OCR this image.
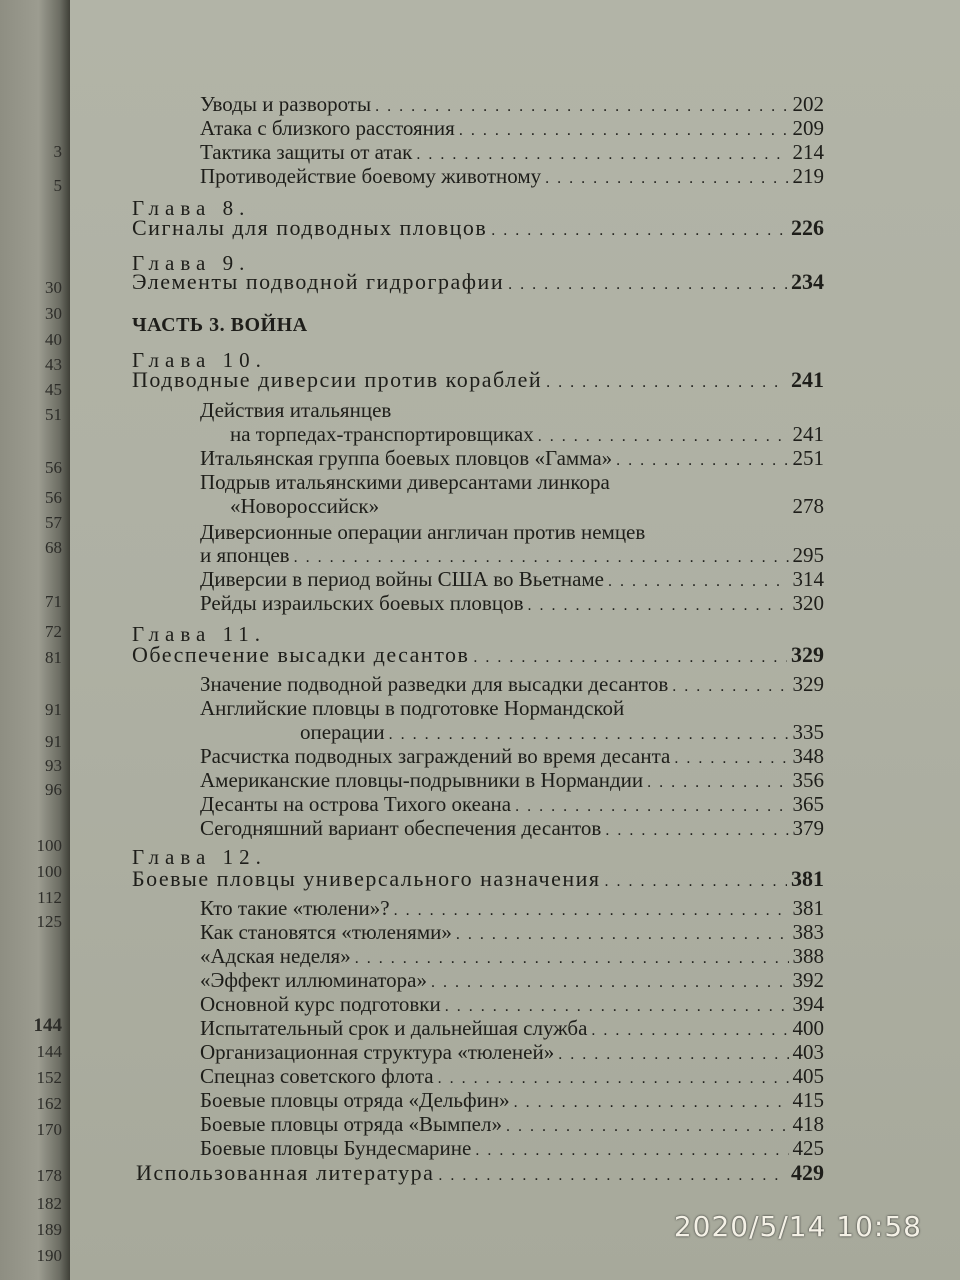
3
5
30
30
40
43
45
51
56
56
57
68
71
72
81
91
91
93
96
100
100
112
125
144
144
152
162
170
178
182
189
190
Уводы и развороты . . .	202
Атака с близкого расстояния . . .	209
Тактика защиты от атак . . .	214
Противодействие боевому животному . . .	219
Глава 8.
Сигналы для подводных пловцов . . .	226
Глава 9.
Элементы подводной гидрографии . . .	234
ЧАСТЬ 3. ВОЙНА
Глава 10.
Подводные диверсии против кораблей . . .	241
Действия итальянцев
на торпедах-транспортировщиках . . .	241
Итальянская группа боевых пловцов «Гамма» . . .	251
Подрыв итальянскими диверсантами линкора
«Новороссийск»	278
Диверсионные операции англичан против немцев
и японцев . . .	295
Диверсии в период войны США во Вьетнаме . . .	314
Рейды израильских боевых пловцов . . .	320
Глава 11.
Обеспечение высадки десантов . . .	329
Значение подводной разведки для высадки десантов . . .	329
Английские пловцы в подготовке Нормандской
операции . . .	335
Расчистка подводных заграждений во время десанта . . .	348
Американские пловцы-подрывники в Нормандии . . .	356
Десанты на острова Тихого океана . . .	365
Сегодняшний вариант обеспечения десантов . . .	379
Глава 12.
Боевые пловцы универсального назначения . . .	381
Кто такие «тюлени»? . . .	381
Как становятся «тюленями» . . .	383
«Адская неделя» . . .	388
«Эффект иллюминатора» . . .	392
Основной курс подготовки . . .	394
Испытательный срок и дальнейшая служба . . .	400
Организационная структура «тюленей» . . .	403
Спецназ советского флота . . .	405
Боевые пловцы отряда «Дельфин» . . .	415
Боевые пловцы отряда «Вымпел» . . .	418
Боевые пловцы Бундесмарине . . .	425
Использованная литература . . .	429
2020/5/14 10:58
